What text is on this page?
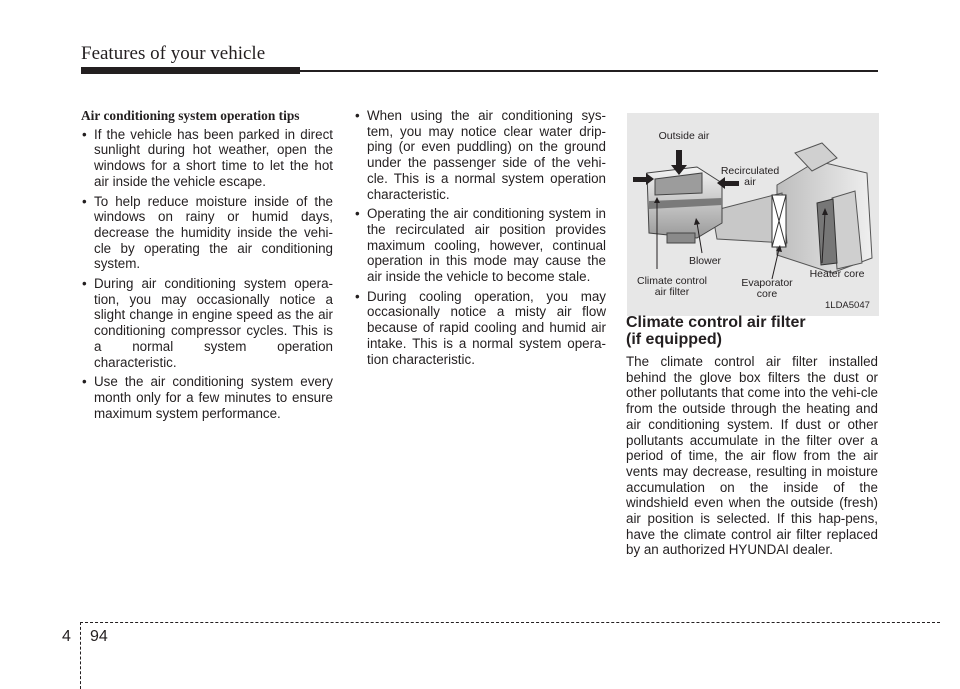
Features of your vehicle
Air conditioning system operation tips
• If the vehicle has been parked in direct sunlight during hot weather, open the windows for a short time to let the hot air inside the vehicle escape.
• To help reduce moisture inside of the windows on rainy or humid days, decrease the humidity inside the vehi-cle by operating the air conditioning system.
• During air conditioning system opera-tion, you may occasionally notice a slight change in engine speed as the air conditioning compressor cycles. This is a normal system operation characteristic.
• Use the air conditioning system every month only for a few minutes to ensure maximum system performance.
• When using the air conditioning sys-tem, you may notice clear water drip-ping (or even puddling) on the ground under the passenger side of the vehi-cle. This is a normal system operation characteristic.
• Operating the air conditioning system in the recirculated air position provides maximum cooling, however, continual operation in this mode may cause the air inside the vehicle to become stale.
• During cooling operation, you may occasionally notice a misty air flow because of rapid cooling and humid air intake. This is a normal system opera-tion characteristic.
Outside air
Recirculated
air
Blower
Heater core
Climate control
air filter
Evaporator
core
1LDA5047
Climate control air filter
(if equipped)

The climate control air filter installed behind the glove box filters the dust or other pollutants that come into the vehi-cle from the outside through the heating and air conditioning system. If dust or other pollutants accumulate in the filter over a period of time, the air flow from the air vents may decrease, resulting in moisture accumulation on the inside of the windshield even when the outside (fresh) air position is selected. If this hap-pens, have the climate control air filter replaced by an authorized HYUNDAI dealer.

4 94
carmanualsonline.info
